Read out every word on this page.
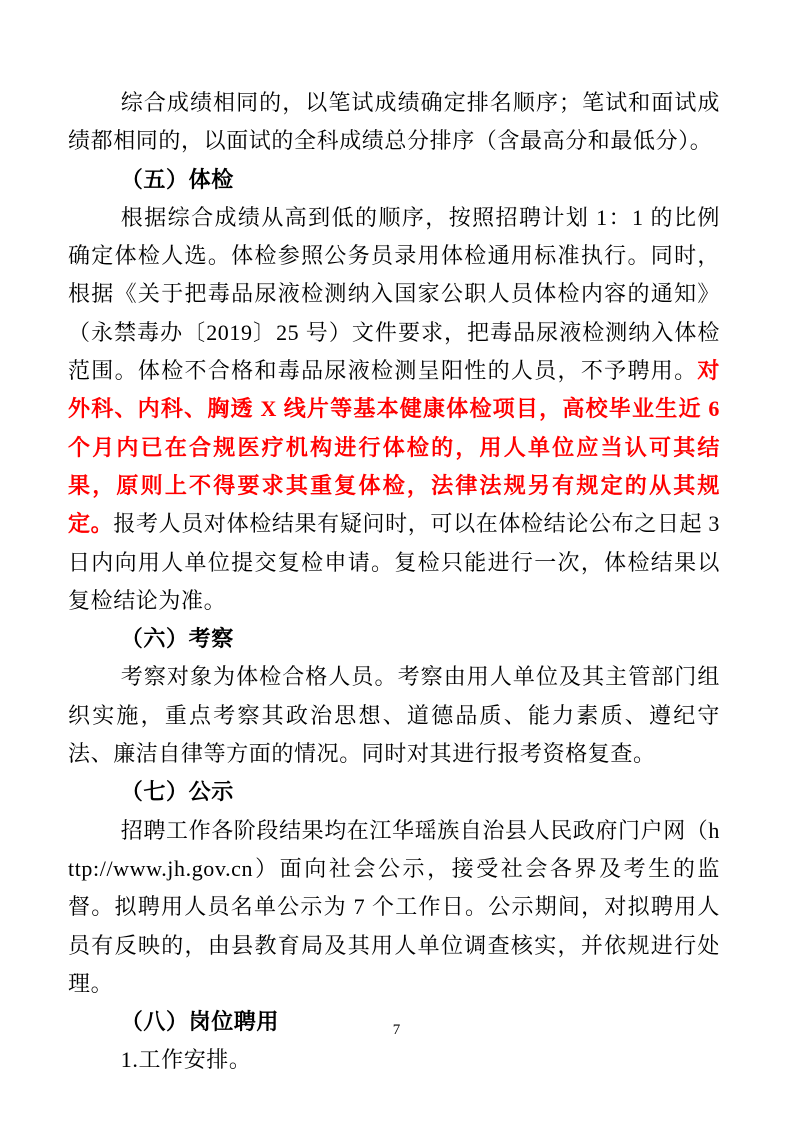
综合成绩相同的，以笔试成绩确定排名顺序；笔试和面试成绩都相同的，以面试的全科成绩总分排序（含最高分和最低分）。

（五）体检

根据综合成绩从高到低的顺序，按照招聘计划 1：1 的比例确定体检人选。体检参照公务员录用体检通用标准执行。同时，根据《关于把毒品尿液检测纳入国家公职人员体检内容的通知》（永禁毒办〔2019〕25 号）文件要求，把毒品尿液检测纳入体检范围。体检不合格和毒品尿液检测呈阳性的人员，不予聘用。对外科、内科、胸透 X 线片等基本健康体检项目，高校毕业生近 6 个月内已在合规医疗机构进行体检的，用人单位应当认可其结果，原则上不得要求其重复体检，法律法规另有规定的从其规定。报考人员对体检结果有疑问时，可以在体检结论公布之日起 3 日内向用人单位提交复检申请。复检只能进行一次，体检结果以复检结论为准。

（六）考察

考察对象为体检合格人员。考察由用人单位及其主管部门组织实施，重点考察其政治思想、道德品质、能力素质、遵纪守法、廉洁自律等方面的情况。同时对其进行报考资格复查。

（七）公示

招聘工作各阶段结果均在江华瑶族自治县人民政府门户网（http://www.jh.gov.cn）面向社会公示，接受社会各界及考生的监督。拟聘用人员名单公示为 7 个工作日。公示期间，对拟聘用人员有反映的，由县教育局及其用人单位调查核实，并依规进行处理。

（八）岗位聘用

1.工作安排。

7
